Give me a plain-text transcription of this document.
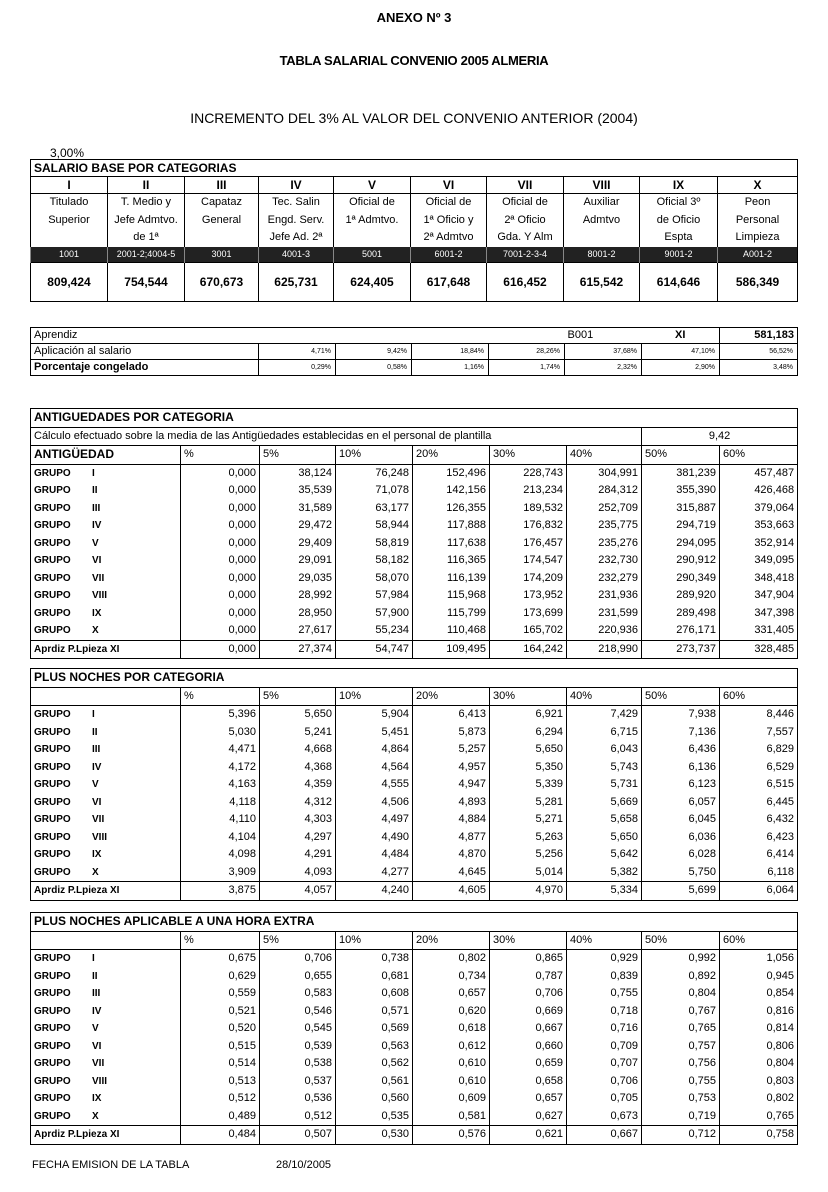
ANEXO Nº 3
TABLA SALARIAL CONVENIO 2005 ALMERIA
INCREMENTO DEL 3% AL VALOR DEL CONVENIO ANTERIOR (2004)
3,00%
SALARIO BASE POR CATEGORIAS									
I	II	III	IV	V	VI	VII	VIII	IX	X
Titulado	T. Medio y	Capataz	Tec. Salin	Oficial de	Oficial de	Oficial de	Auxiliar	Oficial 3º	Peon
Superior	Jefe Admtvo.	General	Engd. Serv.	1ª Admtvo.	1ª Oficio y	2ª Oficio	Admtvo	de Oficio	Personal
	de 1ª		Jefe Ad. 2ª		2ª Admtvo	Gda. Y Alm		Espta	Limpieza
1001	2001-2;4004-5	3001	4001-3	5001	6001-2	7001-2-3-4	8001-2	9001-2	A001-2
809,424	754,544	670,673	625,731	624,405	617,648	616,452	615,542	614,646	586,349
Aprendiz					B001	XI	581,183
Aplicación al salario	4,71%	9,42%	18,84%	28,26%	37,68%	47,10%	56,52%
Porcentaje congelado	0,29%	0,58%	1,16%	1,74%	2,32%	2,90%	3,48%
ANTIGUEDADES POR CATEGORIA								
Cálculo efectuado sobre la media de las Antigüedades establecidas en el personal de plantilla							9,42	
ANTIGÜEDAD	%	5%	10%	20%	30%	40%	50%	60%
GRUPO I	0,000	38,124	76,248	152,496	228,743	304,991	381,239	457,487
GRUPO II	0,000	35,539	71,078	142,156	213,234	284,312	355,390	426,468
GRUPO III	0,000	31,589	63,177	126,355	189,532	252,709	315,887	379,064
GRUPO IV	0,000	29,472	58,944	117,888	176,832	235,775	294,719	353,663
GRUPO V	0,000	29,409	58,819	117,638	176,457	235,276	294,095	352,914
GRUPO VI	0,000	29,091	58,182	116,365	174,547	232,730	290,912	349,095
GRUPO VII	0,000	29,035	58,070	116,139	174,209	232,279	290,349	348,418
GRUPO VIII	0,000	28,992	57,984	115,968	173,952	231,936	289,920	347,904
GRUPO IX	0,000	28,950	57,900	115,799	173,699	231,599	289,498	347,398
GRUPO X	0,000	27,617	55,234	110,468	165,702	220,936	276,171	331,405
Aprdiz P.Lpieza XI	0,000	27,374	54,747	109,495	164,242	218,990	273,737	328,485
PLUS NOCHES POR CATEGORIA								
	%	5%	10%	20%	30%	40%	50%	60%
GRUPO I	5,396	5,650	5,904	6,413	6,921	7,429	7,938	8,446
GRUPO II	5,030	5,241	5,451	5,873	6,294	6,715	7,136	7,557
GRUPO III	4,471	4,668	4,864	5,257	5,650	6,043	6,436	6,829
GRUPO IV	4,172	4,368	4,564	4,957	5,350	5,743	6,136	6,529
GRUPO V	4,163	4,359	4,555	4,947	5,339	5,731	6,123	6,515
GRUPO VI	4,118	4,312	4,506	4,893	5,281	5,669	6,057	6,445
GRUPO VII	4,110	4,303	4,497	4,884	5,271	5,658	6,045	6,432
GRUPO VIII	4,104	4,297	4,490	4,877	5,263	5,650	6,036	6,423
GRUPO IX	4,098	4,291	4,484	4,870	5,256	5,642	6,028	6,414
GRUPO X	3,909	4,093	4,277	4,645	5,014	5,382	5,750	6,118
Aprdiz P.Lpieza XI	3,875	4,057	4,240	4,605	4,970	5,334	5,699	6,064
PLUS NOCHES APLICABLE A UNA HORA EXTRA								
	%	5%	10%	20%	30%	40%	50%	60%
GRUPO I	0,675	0,706	0,738	0,802	0,865	0,929	0,992	1,056
GRUPO II	0,629	0,655	0,681	0,734	0,787	0,839	0,892	0,945
GRUPO III	0,559	0,583	0,608	0,657	0,706	0,755	0,804	0,854
GRUPO IV	0,521	0,546	0,571	0,620	0,669	0,718	0,767	0,816
GRUPO V	0,520	0,545	0,569	0,618	0,667	0,716	0,765	0,814
GRUPO VI	0,515	0,539	0,563	0,612	0,660	0,709	0,757	0,806
GRUPO VII	0,514	0,538	0,562	0,610	0,659	0,707	0,756	0,804
GRUPO VIII	0,513	0,537	0,561	0,610	0,658	0,706	0,755	0,803
GRUPO IX	0,512	0,536	0,560	0,609	0,657	0,705	0,753	0,802
GRUPO X	0,489	0,512	0,535	0,581	0,627	0,673	0,719	0,765
Aprdiz P.Lpieza XI	0,484	0,507	0,530	0,576	0,621	0,667	0,712	0,758
FECHA EMISION DE LA TABLA	28/10/2005
